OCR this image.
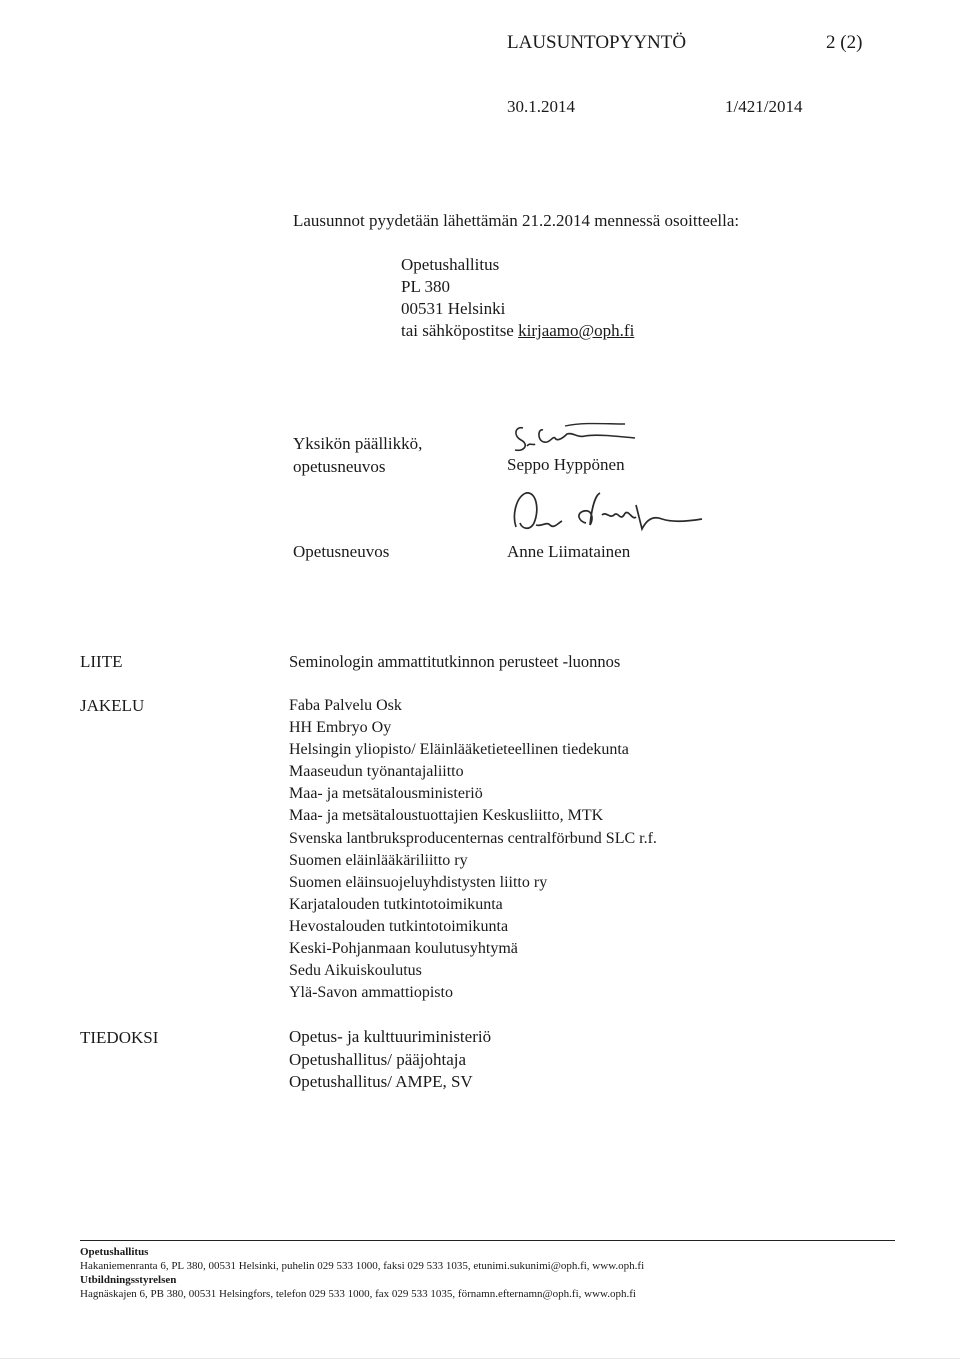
LAUSUNTOPYYNTÖ	2 (2)
30.1.2014	1/421/2014
Lausunnot pyydetään lähettämän 21.2.2014 mennessä osoitteella:
Opetushallitus
PL 380
00531 Helsinki
tai sähköpostitse kirjaamo@oph.fi
Yksikön päällikkö,
opetusneuvos	Seppo Hyppönen
Opetusneuvos	Anne Liimatainen
LIITE	Seminologin ammattitutkinnon perusteet -luonnos
JAKELU	Faba Palvelu Osk
HH Embryo Oy
Helsingin yliopisto/ Eläinlääketieteellinen tiedekunta
Maaseudun työnantajaliitto
Maa- ja metsätalousministeriö
Maa- ja metsätaloustuottajien Keskusliitto, MTK
Svenska lantbruksproducenternas centralförbund SLC r.f.
Suomen eläinlääkäriliitto ry
Suomen eläinsuojeluyhdistysten liitto ry
Karjatalouden tutkintotoimikunta
Hevostalouden tutkintotoimikunta
Keski-Pohjanmaan koulutusyhtymä
Sedu Aikuiskoulutus
Ylä-Savon ammattiopisto
TIEDOKSI	Opetus- ja kulttuuriministeriö
Opetushallitus/ pääjohtaja
Opetushallitus/ AMPE, SV
Opetushallitus
Hakaniemenranta 6, PL 380, 00531 Helsinki, puhelin 029 533 1000, faksi 029 533 1035, etunimi.sukunimi@oph.fi, www.oph.fi
Utbildningsstyrelsen
Hagnäskajen 6, PB 380, 00531 Helsingfors, telefon 029 533 1000, fax 029 533 1035, förnamn.efternamn@oph.fi, www.oph.fi
